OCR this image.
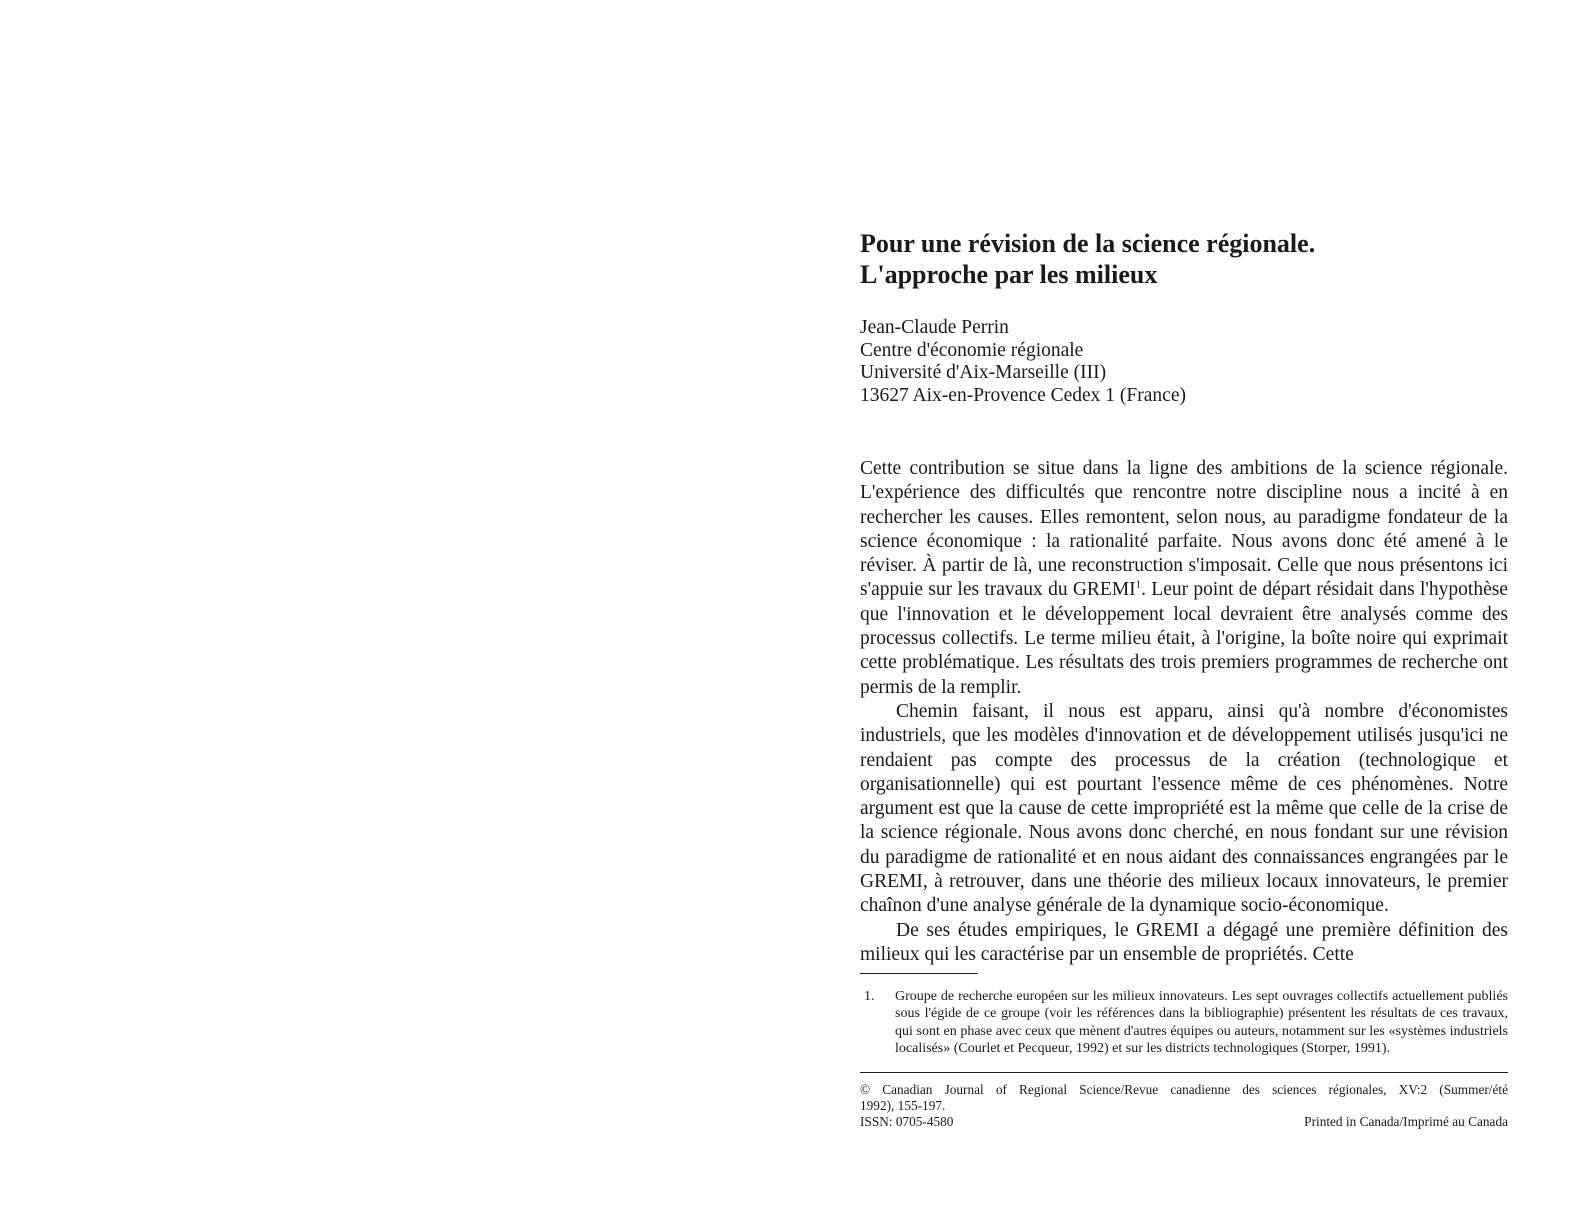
Pour une révision de la science régionale.
L'approche par les milieux
Jean-Claude Perrin
Centre d'économie régionale
Université d'Aix-Marseille (III)
13627 Aix-en-Provence Cedex 1 (France)

Cette contribution se situe dans la ligne des ambitions de la science régionale. L'expérience des difficultés que rencontre notre discipline nous a incité à en rechercher les causes. Elles remontent, selon nous, au paradigme fondateur de la science économique : la rationalité parfaite. Nous avons donc été amené à le réviser. À partir de là, une reconstruction s'imposait. Celle que nous présentons ici s'appuie sur les travaux du GREMI$^1$. Leur point de départ résidait dans l'hypothèse que l'innovation et le développement local devraient être analysés comme des processus collectifs. Le terme milieu était, à l'origine, la boîte noire qui exprimait cette problématique. Les résultats des trois premiers programmes de recherche ont permis de la remplir.

Chemin faisant, il nous est apparu, ainsi qu'à nombre d'économistes industriels, que les modèles d'innovation et de développement utilisés jusqu'ici ne rendaient pas compte des processus de la création (technologique et organisationnelle) qui est pourtant l'essence même de ces phénomènes. Notre argument est que la cause de cette impropriété est la même que celle de la crise de la science régionale. Nous avons donc cherché, en nous fondant sur une révision du paradigme de rationalité et en nous aidant des connaissances engrangées par le GREMI, à retrouver, dans une théorie des milieux locaux innovateurs, le premier chaînon d'une analyse générale de la dynamique socio-économique.

De ses études empiriques, le GREMI a dégagé une première définition des milieux qui les caractérise par un ensemble de propriétés. Cette

1.	Groupe de recherche européen sur les milieux innovateurs. Les sept ouvrages collectifs actuellement publiés sous l'égide de ce groupe (voir les références dans la bibliographie) présentent les résultats de ces travaux, qui sont en phase avec ceux que mènent d'autres équipes ou auteurs, notamment sur les «systèmes industriels localisés» (Courlet et Pecqueur, 1992) et sur les districts technologiques (Storper, 1991).
© Canadian Journal of Regional Science/Revue canadienne des sciences régionales, XV:2 (Summer/été
1992), 155-197.
ISSN: 0705-4580	Printed in Canada/Imprimé au Canada
